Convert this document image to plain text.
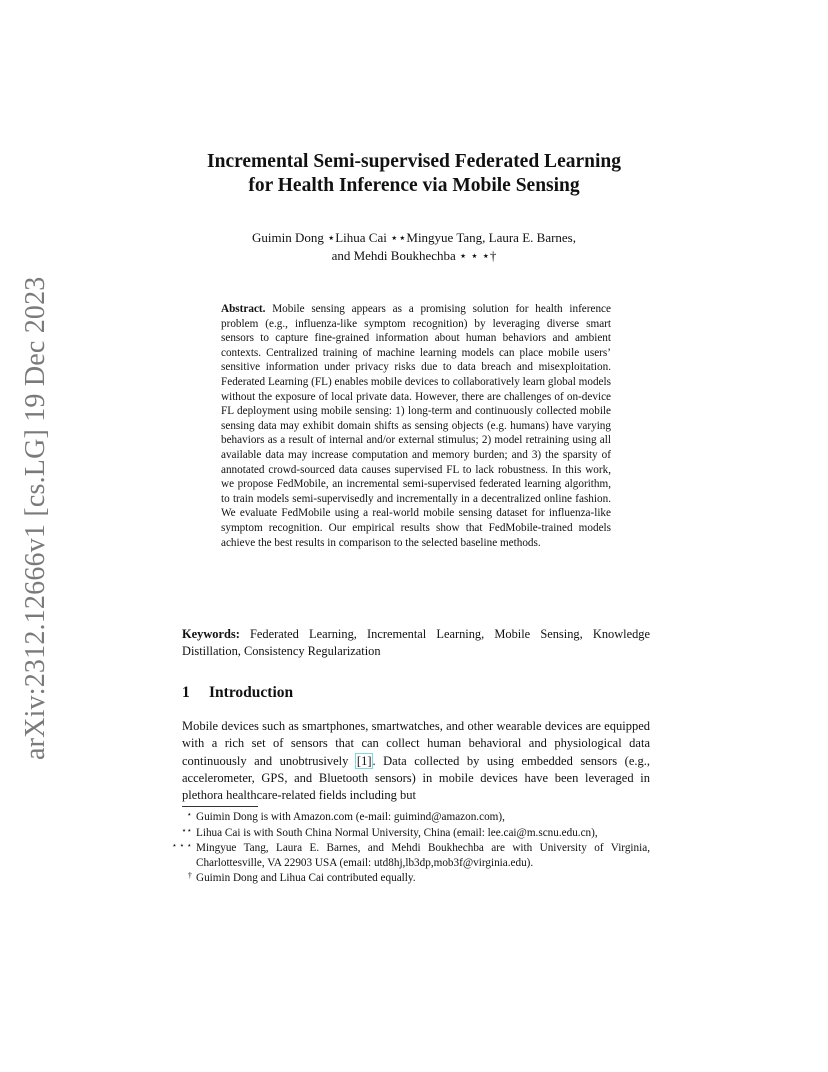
arXiv:2312.12666v1 [cs.LG] 19 Dec 2023
Incremental Semi-supervised Federated Learning
for Health Inference via Mobile Sensing
Guimin Dong ⋆Lihua Cai ⋆⋆Mingyue Tang, Laura E. Barnes,
and Mehdi Boukhechba ⋆ ⋆ ⋆†
Abstract. Mobile sensing appears as a promising solution for health inference problem (e.g., influenza-like symptom recognition) by leveraging diverse smart sensors to capture fine-grained information about human behaviors and ambient contexts. Centralized training of machine learning models can place mobile users’ sensitive information under privacy risks due to data breach and misexploitation. Federated Learning (FL) enables mobile devices to collaboratively learn global models without the exposure of local private data. However, there are challenges of on-device FL deployment using mobile sensing: 1) long-term and continuously collected mobile sensing data may exhibit domain shifts as sensing objects (e.g. humans) have varying behaviors as a result of internal and/or external stimulus; 2) model retraining using all available data may increase computation and memory burden; and 3) the sparsity of annotated crowd-sourced data causes supervised FL to lack robustness. In this work, we propose FedMobile, an incremental semi-supervised federated learning algorithm, to train models semi-supervisedly and incrementally in a decentralized online fashion. We evaluate FedMobile using a real-world mobile sensing dataset for influenza-like symptom recognition. Our empirical results show that FedMobile-trained models achieve the best results in comparison to the selected baseline methods.
Keywords: Federated Learning, Incremental Learning, Mobile Sensing, Knowledge Distillation, Consistency Regularization
1 Introduction
Mobile devices such as smartphones, smartwatches, and other wearable devices are equipped with a rich set of sensors that can collect human behavioral and physiological data continuously and unobtrusively [1]. Data collected by using embedded sensors (e.g., accelerometer, GPS, and Bluetooth sensors) in mobile devices have been leveraged in plethora healthcare-related fields including but
⋆ Guimin Dong is with Amazon.com (e-mail: guimind@amazon.com),
⋆⋆ Lihua Cai is with South China Normal University, China (email: lee.cai@m.scnu.edu.cn),
⋆ ⋆ ⋆ Mingyue Tang, Laura E. Barnes, and Mehdi Boukhechba are with University of Virginia, Charlottesville, VA 22903 USA (email: utd8hj,lb3dp,mob3f@virginia.edu).
† Guimin Dong and Lihua Cai contributed equally.
